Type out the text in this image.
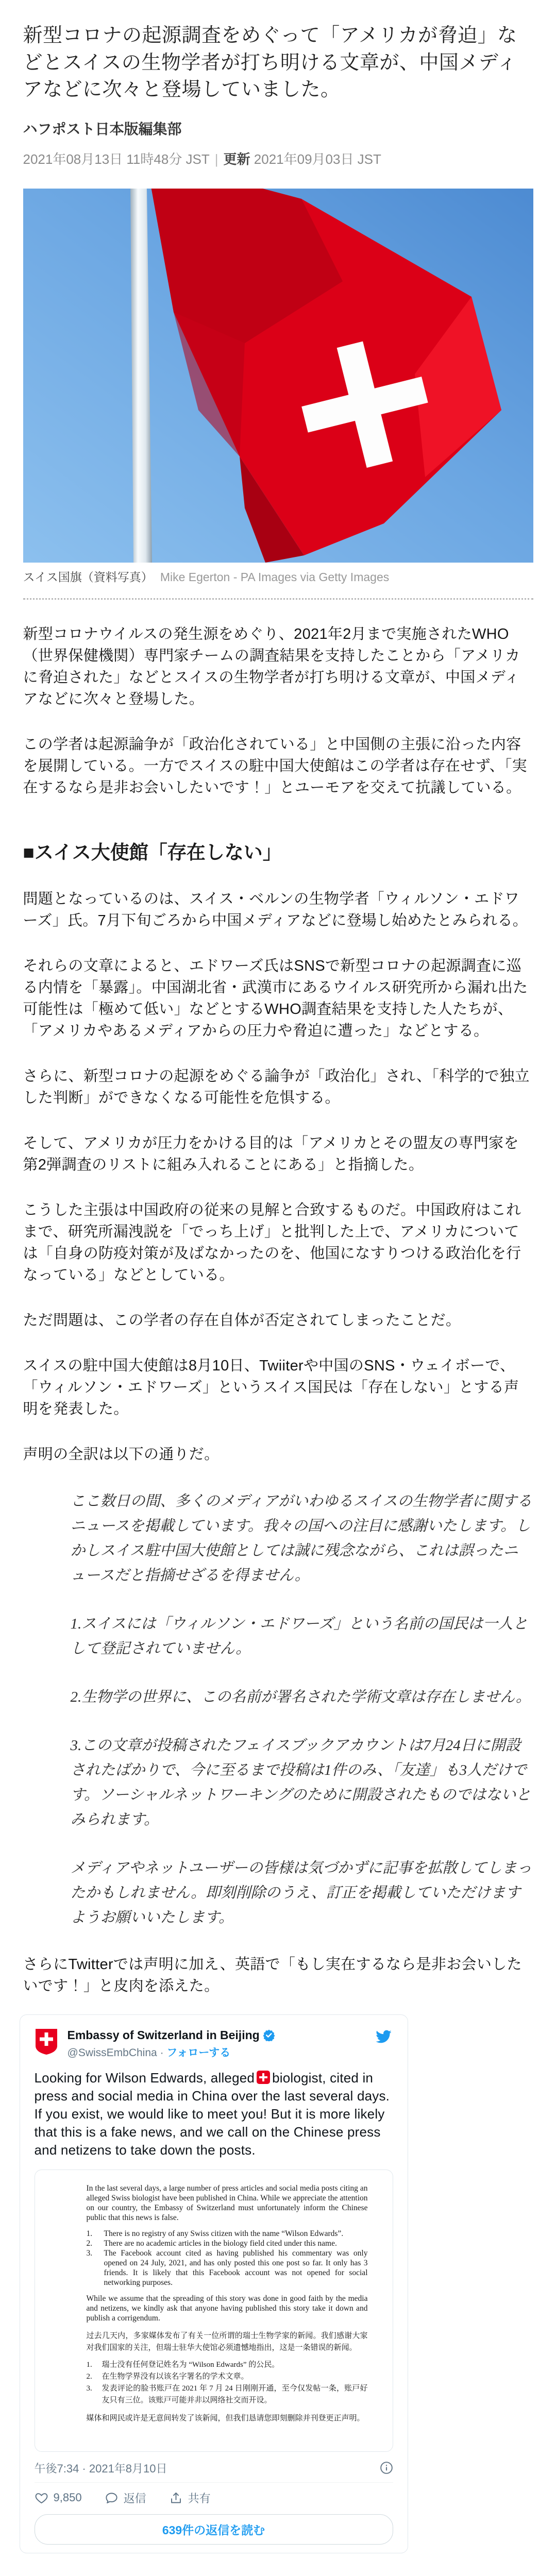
新型コロナの起源調査をめぐって「アメリカが脅迫」などとスイスの生物学者が打ち明ける文章が、中国メディアなどに次々と登場していました。
ハフポスト日本版編集部
2021年08月13日 11時48分 JST | 更新 2021年09月03日 JST
スイス国旗（資料写真） Mike Egerton - PA Images via Getty Images

新型コロナウイルスの発生源をめぐり、2021年2月まで実施されたWHO（世界保健機関）専門家チームの調査結果を支持したことから「アメリカに脅迫された」などとスイスの生物学者が打ち明ける文章が、中国メディアなどに次々と登場した。

この学者は起源論争が「政治化されている」と中国側の主張に沿った内容を展開している。一方でスイスの駐中国大使館はこの学者は存在せず、「実在するなら是非お会いしたいです！」とユーモアを交えて抗議している。

■スイス大使館「存在しない」

問題となっているのは、スイス・ベルンの生物学者「ウィルソン・エドワーズ」氏。7月下旬ごろから中国メディアなどに登場し始めたとみられる。

それらの文章によると、エドワーズ氏はSNSで新型コロナの起源調査に巡る内情を「暴露」。中国湖北省・武漢市にあるウイルス研究所から漏れ出た可能性は「極めて低い」などとするWHO調査結果を支持した人たちが、「アメリカやあるメディアからの圧力や脅迫に遭った」などとする。

さらに、新型コロナの起源をめぐる論争が「政治化」され、「科学的で独立した判断」ができなくなる可能性を危惧する。

そして、アメリカが圧力をかける目的は「アメリカとその盟友の専門家を第2弾調査のリストに組み入れることにある」と指摘した。

こうした主張は中国政府の従来の見解と合致するものだ。中国政府はこれまで、研究所漏洩説を「でっち上げ」と批判した上で、アメリカについては「自身の防疫対策が及ばなかったのを、他国になすりつける政治化を行なっている」などとしている。

ただ問題は、この学者の存在自体が否定されてしまったことだ。

スイスの駐中国大使館は8月10日、Twiiterや中国のSNS・ウェイボーで、「ウィルソン・エドワーズ」というスイス国民は「存在しない」とする声明を発表した。

声明の全訳は以下の通りだ。

ここ数日の間、多くのメディアがいわゆるスイスの生物学者に関するニュースを掲載しています。我々の国への注目に感謝いたします。しかしスイス駐中国大使館としては誠に残念ながら、これは誤ったニュースだと指摘せざるを得ません。

1.スイスには「ウィルソン・エドワーズ」という名前の国民は一人として登記されていません。

2.生物学の世界に、この名前が署名された学術文章は存在しません。

3.この文章が投稿されたフェイスブックアカウントは7月24日に開設されたばかりで、今に至るまで投稿は1件のみ、「友達」も3人だけです。ソーシャルネットワーキングのために開設されたものではないとみられます。

メディアやネットユーザーの皆様は気づかずに記事を拡散してしまったかもしれません。即刻削除のうえ、訂正を掲載していただけますようお願いいたします。

さらにTwitterでは声明に加え、英語で「もし実在するなら是非お会いしたいです！」と皮肉を添えた。

Embassy of Switzerland in Beijing
@SwissEmbChina · フォローする
Looking for Wilson Edwards, alleged biologist, cited in press and social media in China over the last several days. If you exist, we would like to meet you! But it is more likely that this is a fake news, and we call on the Chinese press and netizens to take down the posts.

In the last several days, a large number of press articles and social media posts citing an alleged Swiss biologist have been published in China. While we appreciate the attention on our country, the Embassy of Switzerland must unfortunately inform the Chinese public that this news is false.

1.	There is no registry of any Swiss citizen with the name “Wilson Edwards”.
2.	There are no academic articles in the biology field cited under this name.
3.	The Facebook account cited as having published his commentary was only opened on 24 July, 2021, and has only posted this one post so far. It only has 3 friends. It is likely that this Facebook account was not opened for social networking purposes.

While we assume that the spreading of this story was done in good faith by the media and netizens, we kindly ask that anyone having published this story take it down and publish a corrigendum.

过去几天内，多家媒体发布了有关一位所谓的瑞士生物学家的新闻。我们感谢大家对我们国家的关注，但瑞士驻华大使馆必须遗憾地指出，这是一条错误的新闻。

1.	瑞士没有任何登记姓名为 “Wilson Edwards” 的公民。
2.	在生物学界没有以该名字署名的学术文章。
3.	发表评论的脸书账户在 2021 年 7 月 24 日刚刚开通，至今仅发帖一条，账户好友只有三位。该账户可能并非以网络社交而开设。

媒体和网民或许是无意间转发了该新闻，但我们恳请您即刻删除并刊登更正声明。

午後7:34 · 2021年8月10日
9,850	返信	共有
639件の返信を読む
